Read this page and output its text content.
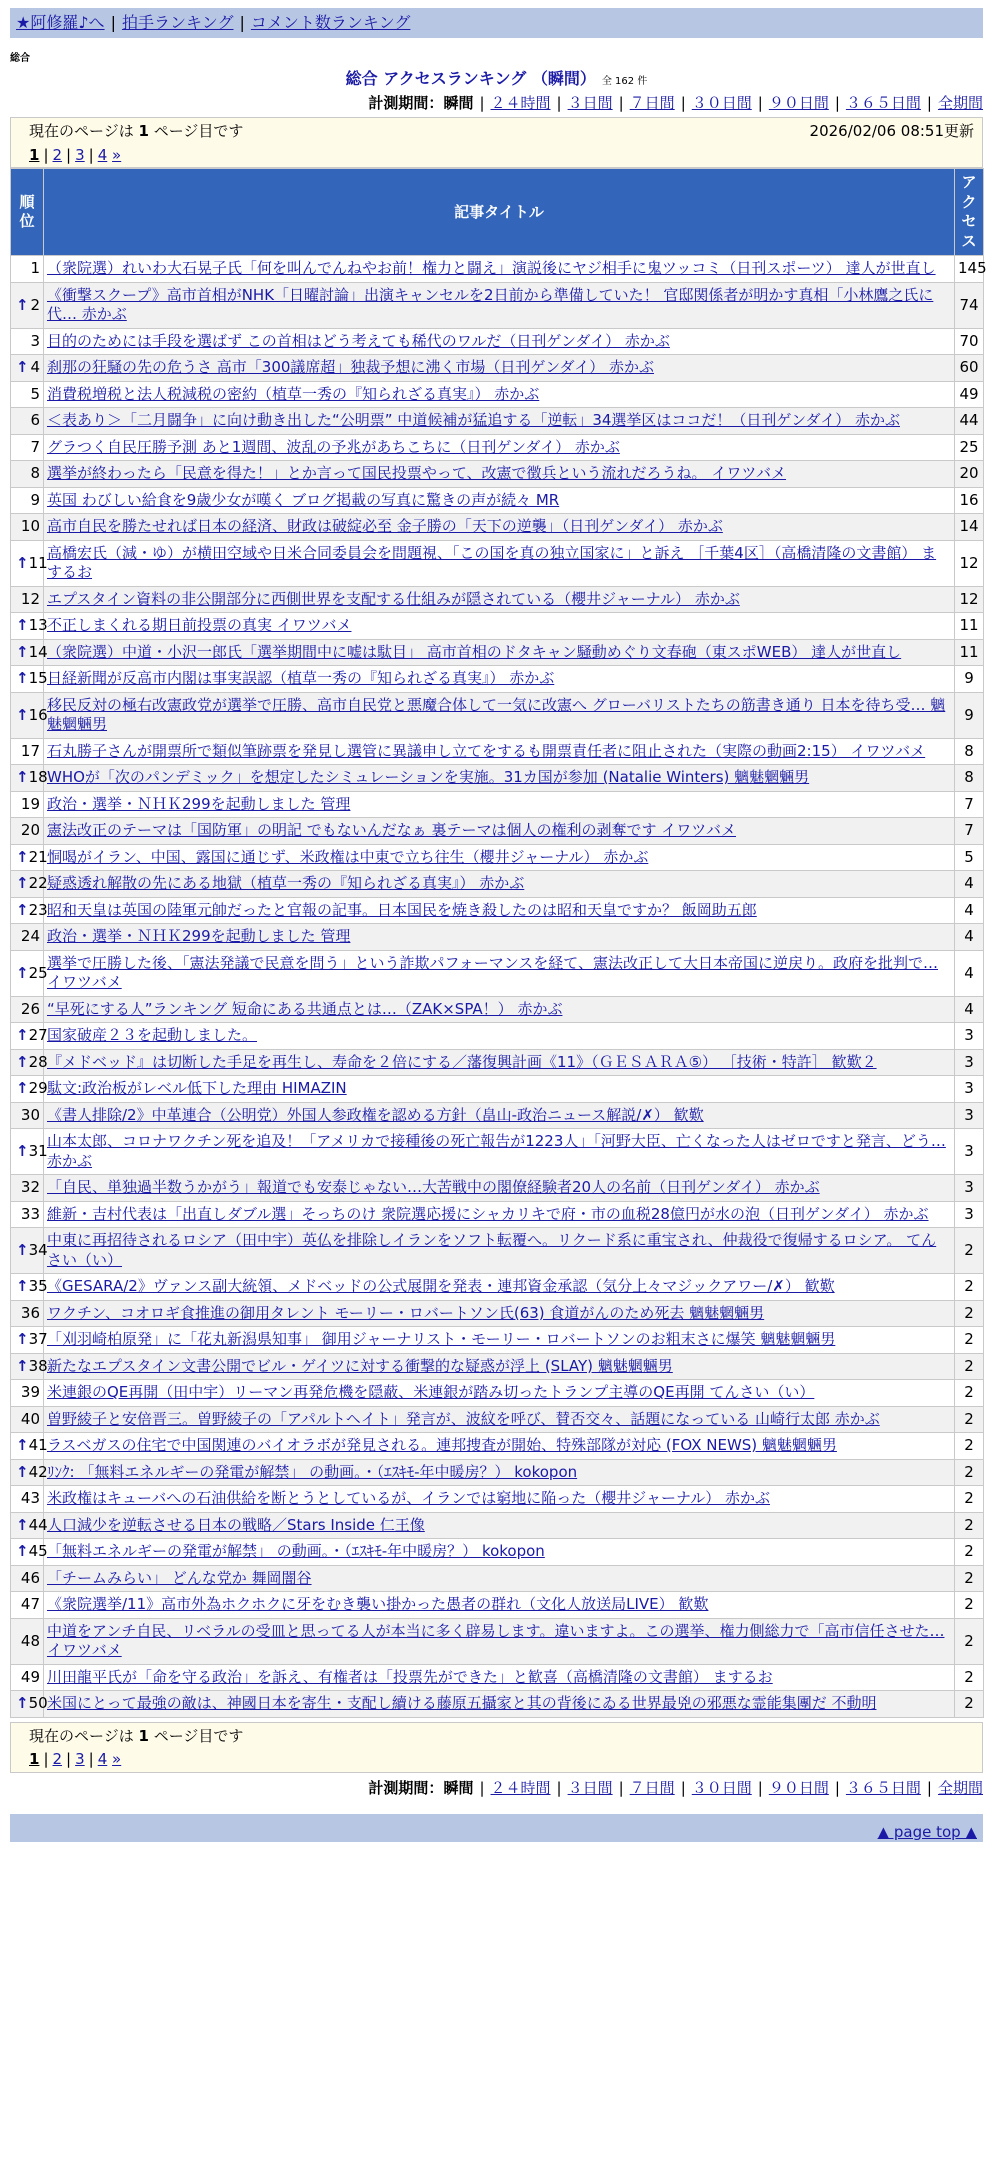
★阿修羅♪へ | 拍手ランキング | コメント数ランキング
総合
総合 アクセスランキング （瞬間） 全 162 件
計測期間：瞬間 | ２４時間 | ３日間 | ７日間 | ３０日間 | ９０日間 | ３６５日間 | 全期間
現在のページは 1 ページ目です	2026/02/06 08:51更新
1 | 2 | 3 | 4 »
順位	記事タイトル	アクセス
1	（衆院選）れいわ大石晃子氏「何を叫んでんねやお前！権力と闘え」演説後にヤジ相手に鬼ツッコミ（日刊スポーツ） 達人が世直し	145

↑ 2	《衝撃スクープ》高市首相がNHK「日曜討論」出演キャンセルを2日前から準備していた！ 官邸関係者が明かす真相「小林鷹之氏に代… 赤かぶ	74
3	目的のためには手段を選ばず この首相はどう考えても稀代のワルだ（日刊ゲンダイ） 赤かぶ	70

↑ 4	刹那の狂騒の先の危うさ 高市「300議席超」独裁予想に沸く市場（日刊ゲンダイ） 赤かぶ	60
5	消費税増税と法人税減税の密約（植草一秀の『知られざる真実』） 赤かぶ	49
6	＜表あり＞「二月闘争」に向け動き出した“公明票” 中道候補が猛追する「逆転」34選挙区はココだ！（日刊ゲンダイ） 赤かぶ	44
7	グラつく自民圧勝予測 あと1週間、波乱の予兆があちこちに（日刊ゲンダイ） 赤かぶ	25
8	選挙が終わったら「民意を得た！」とか言って国民投票やって、改憲で徴兵という流れだろうね。 イワツバメ	20
9	英国 わびしい給食を9歳少女が嘆く ブログ掲載の写真に驚きの声が続々 MR	16
10	高市自民を勝たせれば日本の経済、財政は破綻必至 金子勝の「天下の逆襲」（日刊ゲンダイ） 赤かぶ	14

↑ 11	高橋宏氏（減・ゆ）が横田空域や日米合同委員会を問題視、「この国を真の独立国家に」と訴え ［千葉4区］（高橋清隆の文書館） まするお	12
12	エプスタイン資料の非公開部分に西側世界を支配する仕組みが隠されている（櫻井ジャーナル） 赤かぶ	12

↑ 13	不正しまくれる期日前投票の真実 イワツバメ	11

↑ 14	（衆院選）中道・小沢一郎氏「選挙期間中に嘘は駄目」 高市首相のドタキャン騒動めぐり文春砲（東スポWEB） 達人が世直し	11

↑ 15	日経新聞が反高市内閣は事実誤認（植草一秀の『知られざる真実』） 赤かぶ	9

↑ 16	移民反対の極右改憲政党が選挙で圧勝、高市自民党と悪魔合体して一気に改憲へ グローバリストたちの筋書き通り 日本を待ち受… 魑魅魍魎男	9
17	石丸勝子さんが開票所で類似筆跡票を発見し選管に異議申し立てをするも開票責任者に阻止された（実際の動画2:15） イワツバメ	8

↑ 18	WHOが「次のパンデミック」を想定したシミュレーションを実施。31カ国が参加 (Natalie Winters) 魑魅魍魎男	8
19	政治・選挙・ＮＨＫ299を起動しました 管理	7
20	憲法改正のテーマは「国防軍」の明記 でもないんだなぁ 裏テーマは個人の権利の剥奪です イワツバメ	7

↑ 21	恫喝がイラン、中国、露国に通じず、米政権は中東で立ち往生（櫻井ジャーナル） 赤かぶ	5

↑ 22	疑惑透れ解散の先にある地獄（植草一秀の『知られざる真実』） 赤かぶ	4

↑ 23	昭和天皇は英国の陸軍元帥だったと官報の記事。日本国民を焼き殺したのは昭和天皇ですか？ 飯岡助五郎	4
24	政治・選挙・ＮＨＫ299を起動しました 管理	4

↑ 25	選挙で圧勝した後、「憲法発議で民意を問う」という詐欺パフォーマンスを経て、憲法改正して大日本帝国に逆戻り。政府を批判で… イワツバメ	4
26	“早死にする人”ランキング 短命にある共通点とは…（ZAK×SPA！） 赤かぶ	4

↑ 27	国家破産２３を起動しました。	3

↑ 28	『メドベッド』は切断した手足を再生し、寿命を２倍にする／藩復興計画《11》（ＧＥＳＡＲＡ⑤） ［技術・特許］ 歓歎２	3

↑ 29	駄文:政治板がレベル低下した理由 HIMAZIN	3
30	《書人排除/2》中革連合（公明党）外国人参政権を認める方針（畠山-政治ニュース解説/✗） 歓歎	3

↑ 31	山本太郎、コロナワクチン死を追及！「アメリカで接種後の死亡報告が1223人」「河野大臣、亡くなった人はゼロですと発言、どう… 赤かぶ	3
32	「自民、単独過半数うかがう」報道でも安泰じゃない…大苦戦中の閣僚経験者20人の名前（日刊ゲンダイ） 赤かぶ	3
33	維新・吉村代表は「出直しダブル選」そっちのけ 衆院選応援にシャカリキで府・市の血税28億円が水の泡（日刊ゲンダイ） 赤かぶ	3

↑ 34	中東に再招待されるロシア（田中宇）英仏を排除しイランをソフト転覆へ。リクード系に重宝され、仲裁役で復帰するロシア。 てんさい（い）	2

↑ 35	《GESARA/2》ヴァンス副大統領、メドベッドの公式展開を発表・連邦資金承認（気分上々マジックアワー/✗） 歓歎	2
36	ワクチン、コオロギ食推進の御用タレント モーリー・ロバートソン氏(63) 食道がんのため死去 魑魅魍魎男	2

↑ 37	「刈羽崎柏原発」に「花丸新潟県知事」 御用ジャーナリスト・モーリー・ロバートソンのお粗末さに爆笑 魑魅魍魎男	2

↑ 38	新たなエプスタイン文書公開でビル・ゲイツに対する衝撃的な疑惑が浮上 (SLAY) 魑魅魍魎男	2
39	米連銀のQE再開（田中宇）リーマン再発危機を隠蔽、米連銀が踏み切ったトランプ主導のQE再開 てんさい（い）	2
40	曽野綾子と安倍晋三。曽野綾子の「アパルトヘイト」発言が、波紋を呼び、賛否交々、話題になっている 山崎行太郎 赤かぶ	2

↑ 41	ラスベガスの住宅で中国関連のバイオラボが発見される。連邦捜査が開始、特殊部隊が対応 (FOX NEWS) 魑魅魍魎男	2

↑ 42	ﾘﾝｸ: 「無料エネルギーの発電が解禁」 の動画。・（ｴｽｷﾓ-年中暖房？） kokopon	2
43	米政権はキューバへの石油供給を断とうとしているが、イランでは窮地に陥った（櫻井ジャーナル） 赤かぶ	2

↑ 44	人口減少を逆転させる日本の戦略／Stars Inside 仁王像	2

↑ 45	「無料エネルギーの発電が解禁」 の動画。・（ｴｽｷﾓ-年中暖房？） kokopon	2
46	「チームみらい」 どんな党か 舞岡闇谷	2
47	《衆院選挙/11》高市外為ホクホクに牙をむき襲い掛かった愚者の群れ（文化人放送局LIVE） 歓歎	2
48	中道をアンチ自民、リベラルの受皿と思ってる人が本当に多く辟易します。違いますよ。この選挙、権力側総力で「高市信任させた… イワツバメ	2
49	川田龍平氏が「命を守る政治」を訴え、有権者は「投票先ができた」と歓喜（高橋清隆の文書館） まするお	2

↑ 50	米国にとって最強の敵は、神國日本を寄生・支配し續ける藤原五攝家と其の背後にゐる世界最兇の邪悪な霊能集團だ 不動明	2
現在のページは 1 ページ目です
1 | 2 | 3 | 4 »
計測期間：瞬間 | ２４時間 | ３日間 | ７日間 | ３０日間 | ９０日間 | ３６５日間 | 全期間
▲ page top ▲
